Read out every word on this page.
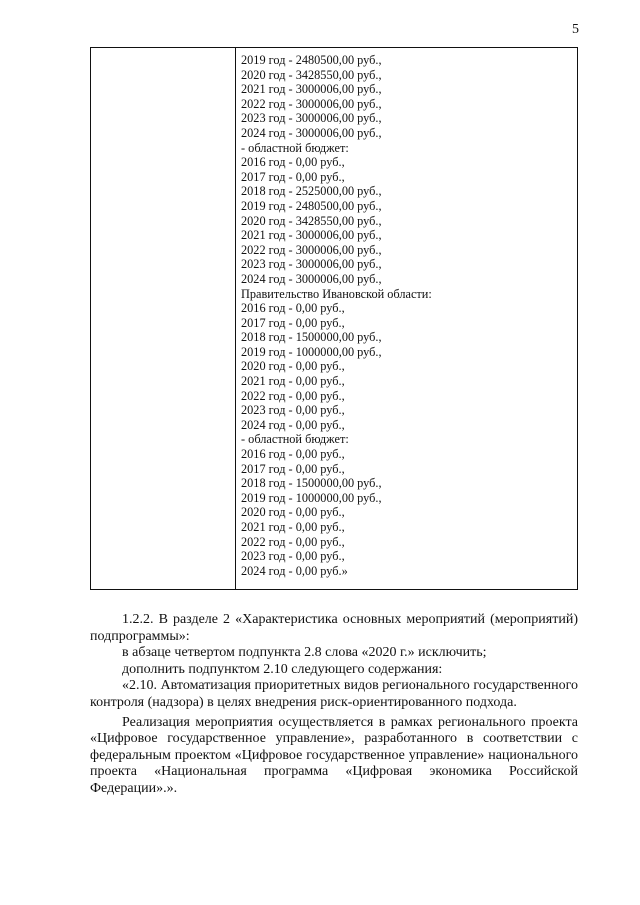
5
2019 год - 2480500,00 руб.,
2020 год - 3428550,00 руб.,
2021 год - 3000006,00 руб.,
2022 год - 3000006,00 руб.,
2023 год - 3000006,00 руб.,
2024 год - 3000006,00 руб.,
- областной бюджет:
2016 год - 0,00 руб.,
2017 год - 0,00 руб.,
2018 год - 2525000,00 руб.,
2019 год - 2480500,00 руб.,
2020 год - 3428550,00 руб.,
2021 год - 3000006,00 руб.,
2022 год - 3000006,00 руб.,
2023 год - 3000006,00 руб.,
2024 год - 3000006,00 руб.,
Правительство Ивановской области:
2016 год - 0,00 руб.,
2017 год - 0,00 руб.,
2018 год - 1500000,00 руб.,
2019 год - 1000000,00 руб.,
2020 год - 0,00 руб.,
2021 год - 0,00 руб.,
2022 год - 0,00 руб.,
2023 год - 0,00 руб.,
2024 год - 0,00 руб.,
- областной бюджет:
2016 год - 0,00 руб.,
2017 год - 0,00 руб.,
2018 год - 1500000,00 руб.,
2019 год - 1000000,00 руб.,
2020 год - 0,00 руб.,
2021 год - 0,00 руб.,
2022 год - 0,00 руб.,
2023 год - 0,00 руб.,
2024 год - 0,00 руб.»

1.2.2. В разделе 2 «Характеристика основных мероприятий (мероприятий) подпрограммы»:

в абзаце четвертом подпункта 2.8 слова «2020 г.» исключить;

дополнить подпунктом 2.10 следующего содержания:

«2.10. Автоматизация приоритетных видов регионального государственного контроля (надзора) в целях внедрения риск-ориентированного подхода.

Реализация мероприятия осуществляется в рамках регионального проекта «Цифровое государственное управление», разработанного в соответствии с федеральным проектом «Цифровое государственное управление» национального проекта «Национальная программа «Цифровая экономика Российской Федерации».».
